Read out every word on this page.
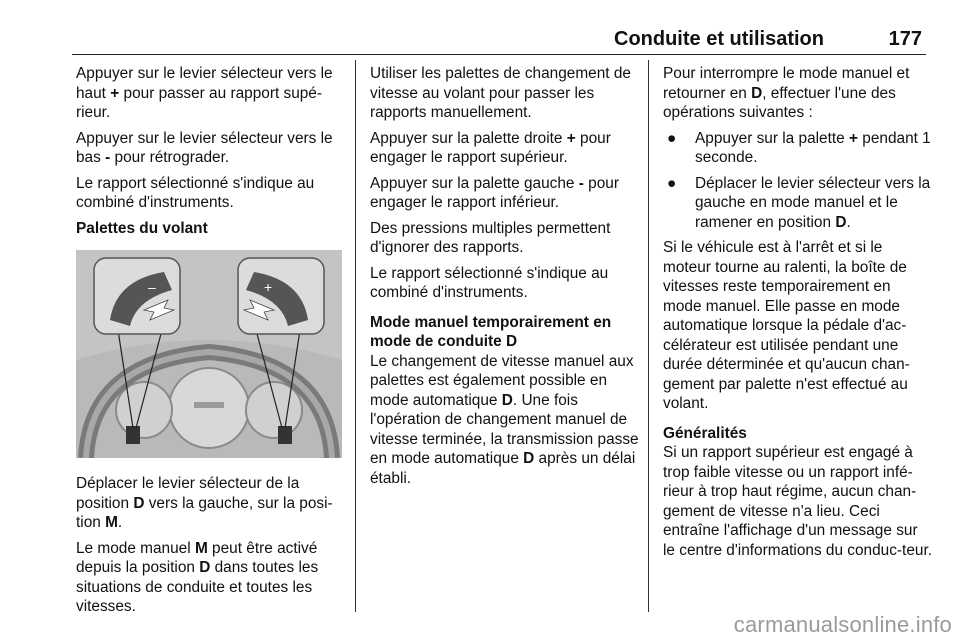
Conduite et utilisation	177

Appuyer sur le levier sélecteur vers le haut + pour passer au rapport supé‐rieur.

Appuyer sur le levier sélecteur vers le bas - pour rétrograder.

Le rapport sélectionné s'indique au combiné d'instruments.

Palettes du volant

–	+

Déplacer le levier sélecteur de la position D vers la gauche, sur la posi‐tion M.

Le mode manuel M peut être activé depuis la position D dans toutes les situations de conduite et toutes les vitesses.

Utiliser les palettes de changement de vitesse au volant pour passer les rapports manuellement.

Appuyer sur la palette droite + pour engager le rapport supérieur.

Appuyer sur la palette gauche - pour engager le rapport inférieur.

Des pressions multiples permettent d'ignorer des rapports.

Le rapport sélectionné s'indique au combiné d'instruments.

Mode manuel temporairement en mode de conduite D

Le changement de vitesse manuel aux palettes est également possible en mode automatique D. Une fois l'opération de changement manuel de vitesse terminée, la transmission passe en mode automatique D après un délai établi.

Pour interrompre le mode manuel et retourner en D, effectuer l'une des opérations suivantes :

●	Appuyer sur la palette + pendant 1 seconde.
●	Déplacer le levier sélecteur vers la gauche en mode manuel et le ramener en position D.

Si le véhicule est à l'arrêt et si le moteur tourne au ralenti, la boîte de vitesses reste temporairement en mode manuel. Elle passe en mode automatique lorsque la pédale d'ac‐célérateur est utilisée pendant une durée déterminée et qu'aucun chan‐gement par palette n'est effectué au volant.

Généralités

Si un rapport supérieur est engagé à trop faible vitesse ou un rapport infé‐rieur à trop haut régime, aucun chan‐gement de vitesse n'a lieu. Ceci entraîne l'affichage d'un message sur le centre d'informations du conduc‐teur.

carmanualsonline.info
